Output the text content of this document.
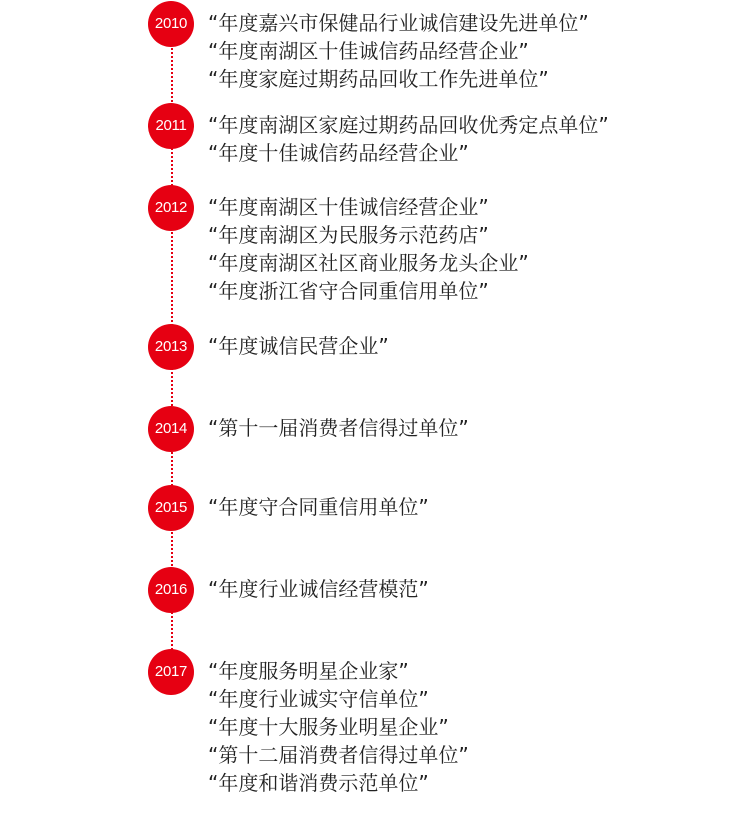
2010	“年度嘉兴市保健品行业诚信建设先进单位”
“年度南湖区十佳诚信药品经营企业”
“年度家庭过期药品回收工作先进单位”
2011	“年度南湖区家庭过期药品回收优秀定点单位”
“年度十佳诚信药品经营企业”
2012	“年度南湖区十佳诚信经营企业”
“年度南湖区为民服务示范药店”
“年度南湖区社区商业服务龙头企业”
“年度浙江省守合同重信用单位”
2013	“年度诚信民营企业”
2014	“第十一届消费者信得过单位”
2015	“年度守合同重信用单位”
2016	“年度行业诚信经营模范”
2017	“年度服务明星企业家”
“年度行业诚实守信单位”
“年度十大服务业明星企业”
“第十二届消费者信得过单位”
“年度和谐消费示范单位”
